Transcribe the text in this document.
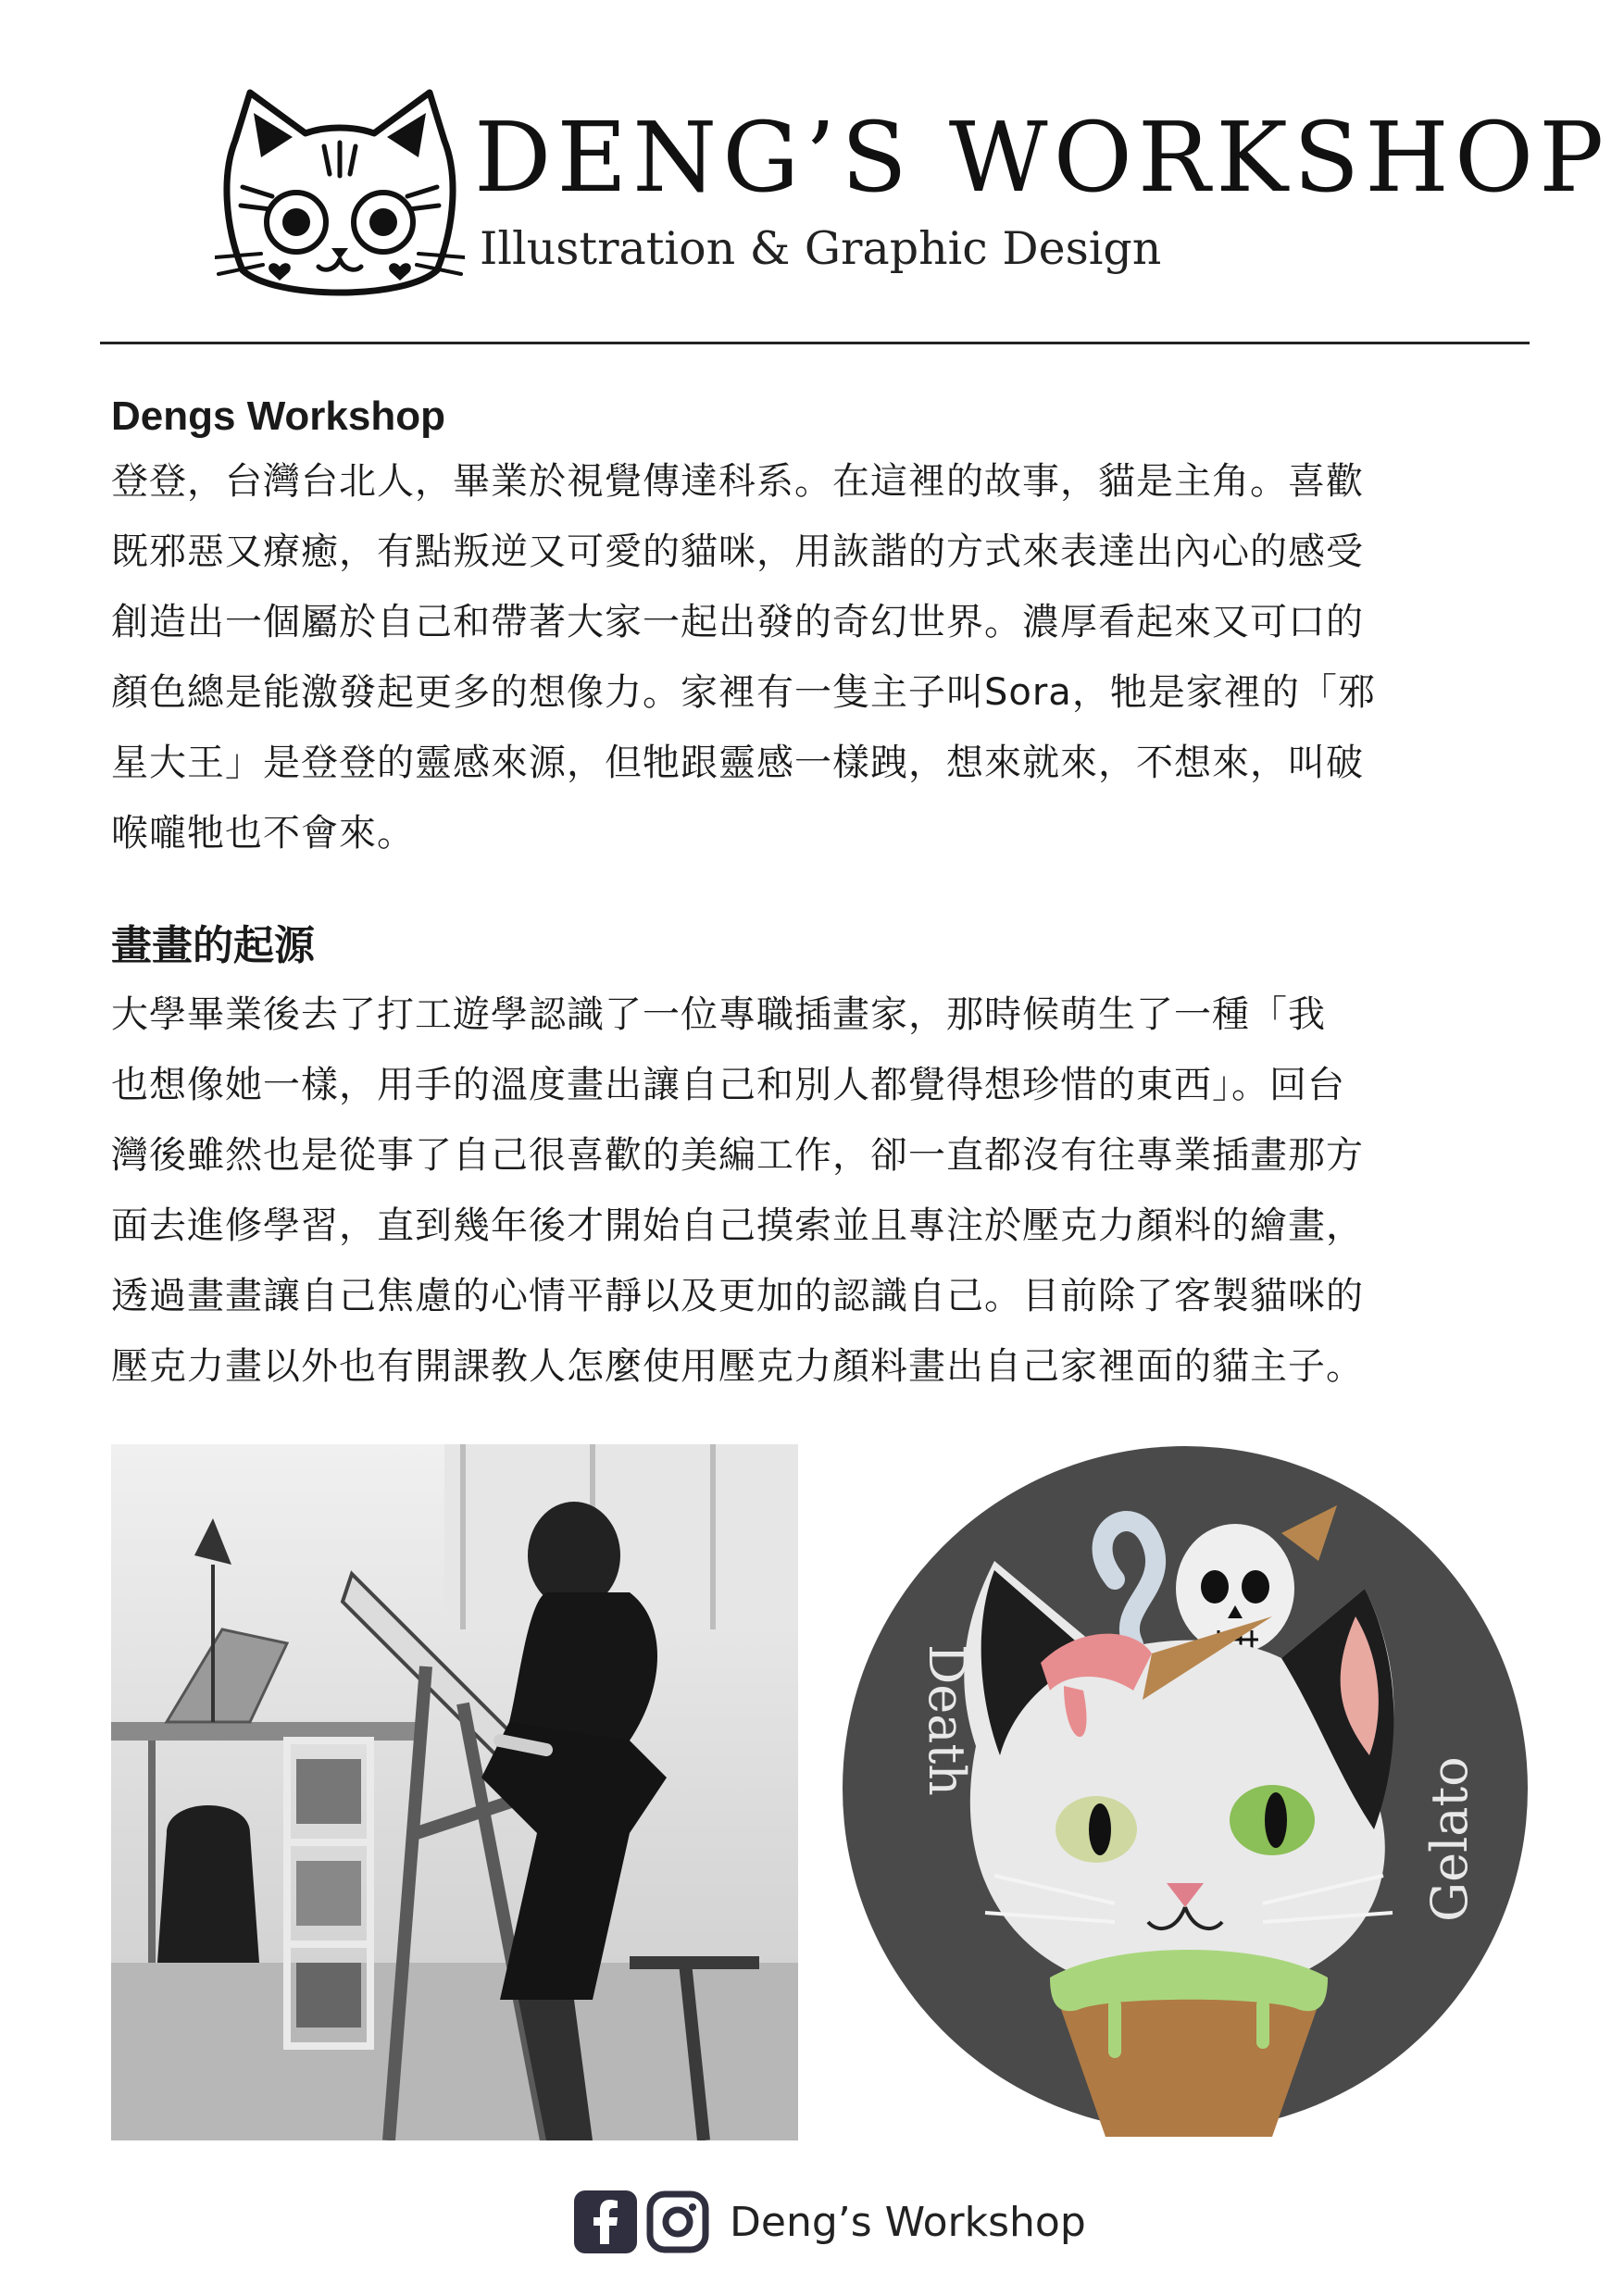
DENG’S WORKSHOP
Illustration & Graphic Design
Dengs Workshop
登登，台灣台北人，畢業於視覺傳達科系。在這裡的故事，貓是主角。喜歡
既邪惡又療癒，有點叛逆又可愛的貓咪，用詼諧的方式來表達出內心的感受
創造出一個屬於自己和帶著大家一起出發的奇幻世界。濃厚看起來又可口的
顏色總是能激發起更多的想像力。家裡有一隻主子叫Sora，牠是家裡的「邪
星大王」是登登的靈感來源，但牠跟靈感一樣跩，想來就來，不想來，叫破
喉嚨牠也不會來。
畫畫的起源
大學畢業後去了打工遊學認識了一位專職插畫家，那時候萌生了一種「我
也想像她一樣，用手的溫度畫出讓自己和別人都覺得想珍惜的東西」。回台
灣後雖然也是從事了自己很喜歡的美編工作，卻一直都沒有往專業插畫那方
面去進修學習，直到幾年後才開始自己摸索並且專注於壓克力顏料的繪畫，
透過畫畫讓自己焦慮的心情平靜以及更加的認識自己。目前除了客製貓咪的
壓克力畫以外也有開課教人怎麼使用壓克力顏料畫出自己家裡面的貓主子。
Death
Gelato
Deng’s Workshop
